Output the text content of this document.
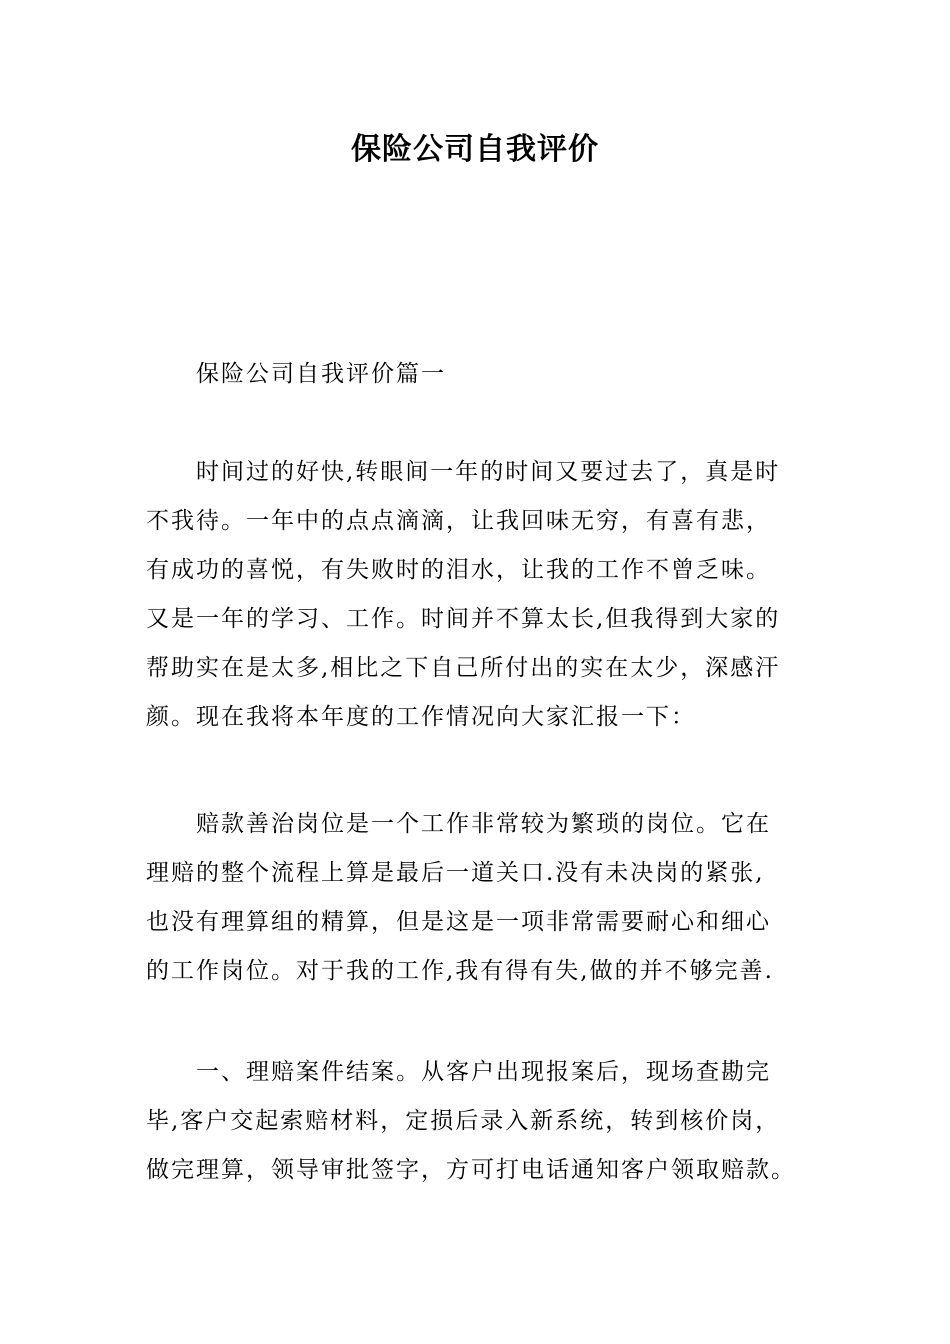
保险公司自我评价
保险公司自我评价篇一
时间过的好快,转眼间一年的时间又要过去了，真是时
不我待。一年中的点点滴滴，让我回味无穷，有喜有悲，
有成功的喜悦，有失败时的泪水，让我的工作不曾乏味。
又是一年的学习、工作。时间并不算太长,但我得到大家的
帮助实在是太多,相比之下自己所付出的实在太少，深感汗
颜。现在我将本年度的工作情况向大家汇报一下：
赔款善治岗位是一个工作非常较为繁琐的岗位。它在
理赔的整个流程上算是最后一道关口.没有未决岗的紧张,
也没有理算组的精算，但是这是一项非常需要耐心和细心
的工作岗位。对于我的工作,我有得有失,做的并不够完善.
一、理赔案件结案。从客户出现报案后，现场查勘完
毕,客户交起索赔材料，定损后录入新系统，转到核价岗，
做完理算，领导审批签字，方可打电话通知客户领取赔款。
